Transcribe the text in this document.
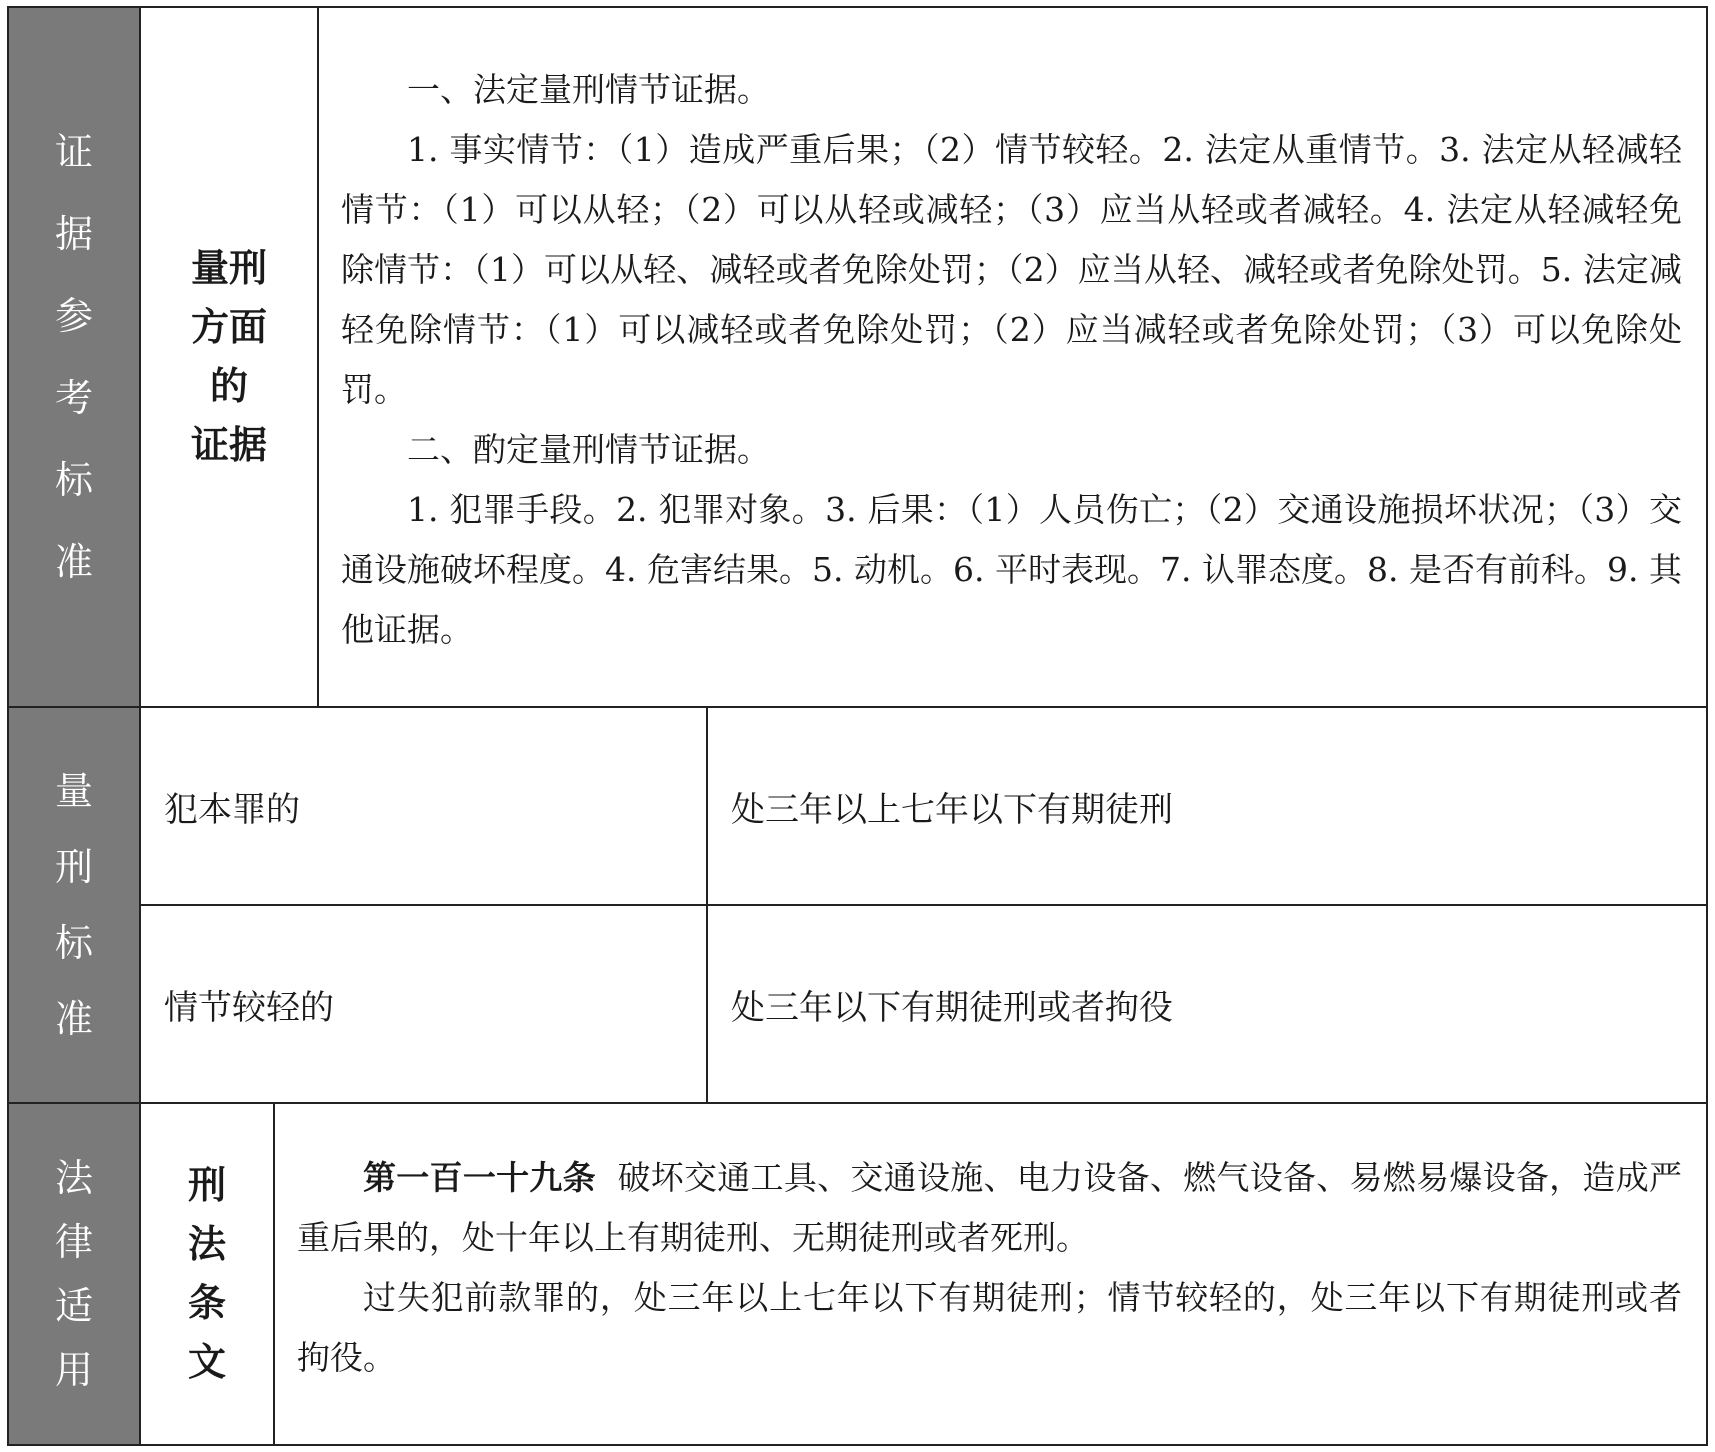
证
据
参
考
标
准
量刑
方面
的
证据

一、法定量刑情节证据。

1. 事实情节：（1）造成严重后果；（2）情节较轻。2. 法定从重情节。3. 法定从轻减轻情节：（1）可以从轻；（2）可以从轻或减轻；（3）应当从轻或者减轻。4. 法定从轻减轻免除情节：（1）可以从轻、减轻或者免除处罚；（2）应当从轻、减轻或者免除处罚。5. 法定减轻免除情节：（1）可以减轻或者免除处罚；（2）应当减轻或者免除处罚；（3）可以免除处罚。

二、酌定量刑情节证据。

1. 犯罪手段。2. 犯罪对象。3. 后果：（1）人员伤亡；（2）交通设施损坏状况；（3）交通设施破坏程度。4. 危害结果。5. 动机。6. 平时表现。7. 认罪态度。8. 是否有前科。9. 其他证据。

量
刑
标
准
犯本罪的	处三年以上七年以下有期徒刑
情节较轻的	处三年以下有期徒刑或者拘役
法
律
适
用
刑
法
条
文

第一百一十九条 破坏交通工具、交通设施、电力设备、燃气设备、易燃易爆设备，造成严重后果的，处十年以上有期徒刑、无期徒刑或者死刑。

过失犯前款罪的，处三年以上七年以下有期徒刑；情节较轻的，处三年以下有期徒刑或者拘役。
